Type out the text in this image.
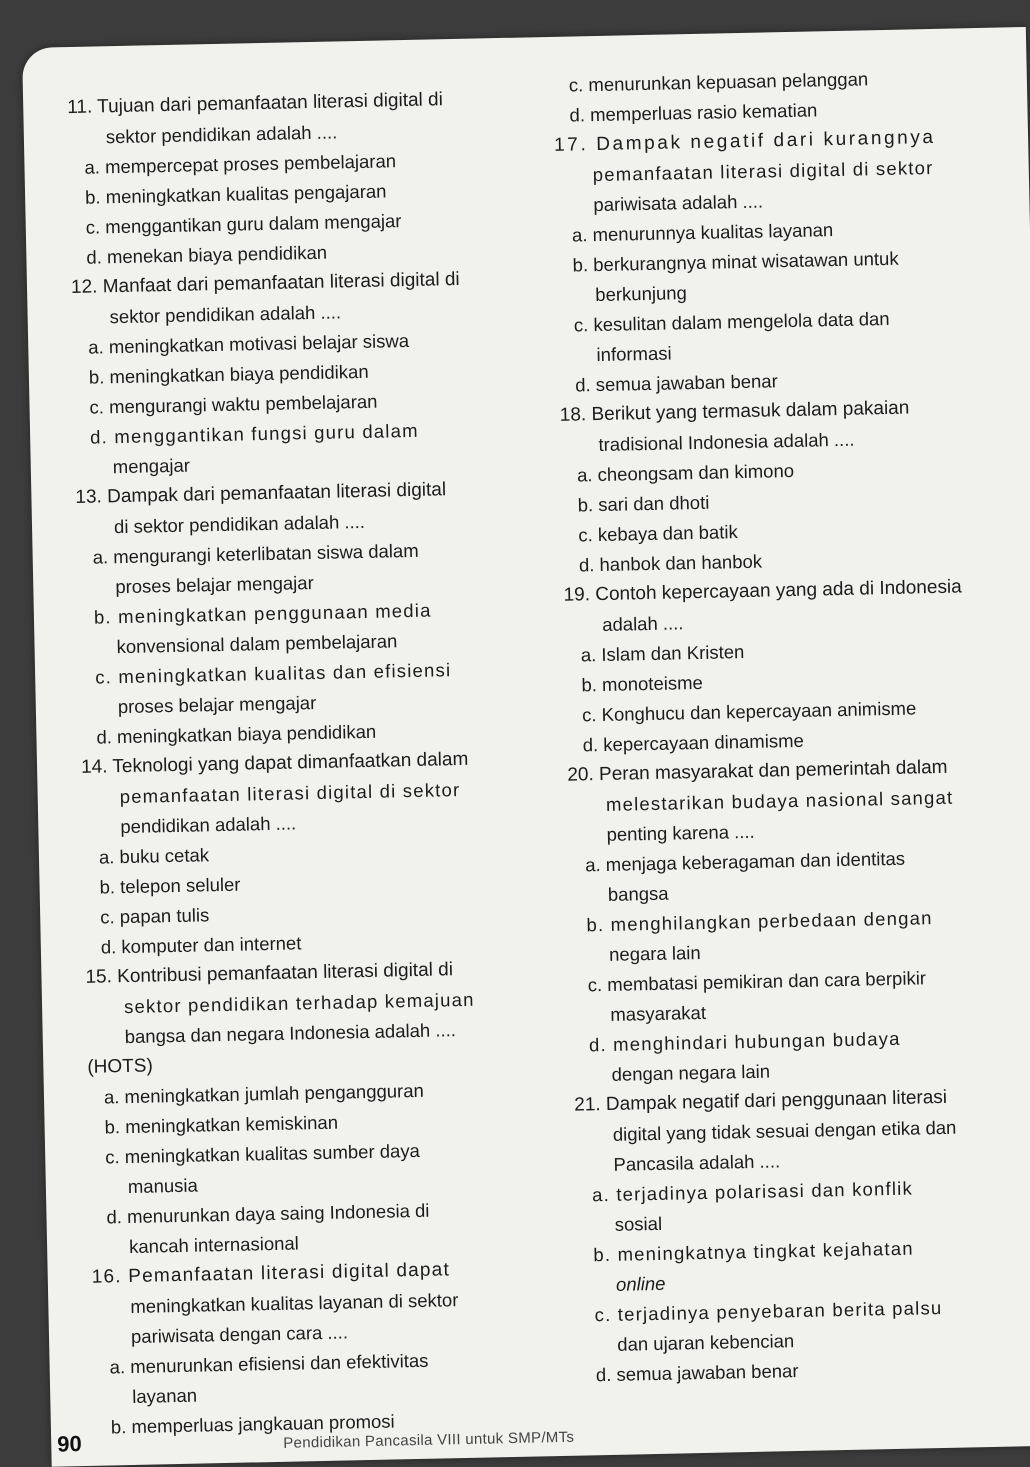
11. Tujuan dari pemanfaatan literasi digital di
sektor pendidikan adalah ....
a. mempercepat proses pembelajaran
b. meningkatkan kualitas pengajaran
c. menggantikan guru dalam mengajar
d. menekan biaya pendidikan
12. Manfaat dari pemanfaatan literasi digital di
sektor pendidikan adalah ....
a. meningkatkan motivasi belajar siswa
b. meningkatkan biaya pendidikan
c. mengurangi waktu pembelajaran
d. menggantikan fungsi guru dalam
mengajar
13. Dampak dari pemanfaatan literasi digital
di sektor pendidikan adalah ....
a. mengurangi keterlibatan siswa dalam
proses belajar mengajar
b. meningkatkan penggunaan media
konvensional dalam pembelajaran
c. meningkatkan kualitas dan efisiensi
proses belajar mengajar
d. meningkatkan biaya pendidikan
14. Teknologi yang dapat dimanfaatkan dalam
pemanfaatan literasi digital di sektor
pendidikan adalah ....
a. buku cetak
b. telepon seluler
c. papan tulis
d. komputer dan internet
15. Kontribusi pemanfaatan literasi digital di
sektor pendidikan terhadap kemajuan
bangsa dan negara Indonesia adalah ....
(HOTS)
a. meningkatkan jumlah pengangguran
b. meningkatkan kemiskinan
c. meningkatkan kualitas sumber daya
manusia
d. menurunkan daya saing Indonesia di
kancah internasional
16. Pemanfaatan literasi digital dapat
meningkatkan kualitas layanan di sektor
pariwisata dengan cara ....
a. menurunkan efisiensi dan efektivitas
layanan
b. memperluas jangkauan promosi
c. menurunkan kepuasan pelanggan
d. memperluas rasio kematian
17. Dampak negatif dari kurangnya
pemanfaatan literasi digital di sektor
pariwisata adalah ....
a. menurunnya kualitas layanan
b. berkurangnya minat wisatawan untuk
berkunjung
c. kesulitan dalam mengelola data dan
informasi
d. semua jawaban benar
18. Berikut yang termasuk dalam pakaian
tradisional Indonesia adalah ....
a. cheongsam dan kimono
b. sari dan dhoti
c. kebaya dan batik
d. hanbok dan hanbok
19. Contoh kepercayaan yang ada di Indonesia
adalah ....
a. Islam dan Kristen
b. monoteisme
c. Konghucu dan kepercayaan animisme
d. kepercayaan dinamisme
20. Peran masyarakat dan pemerintah dalam
melestarikan budaya nasional sangat
penting karena ....
a. menjaga keberagaman dan identitas
bangsa
b. menghilangkan perbedaan dengan
negara lain
c. membatasi pemikiran dan cara berpikir
masyarakat
d. menghindari hubungan budaya
dengan negara lain
21. Dampak negatif dari penggunaan literasi
digital yang tidak sesuai dengan etika dan
Pancasila adalah ....
a. terjadinya polarisasi dan konflik
sosial
b. meningkatnya tingkat kejahatan
online
c. terjadinya penyebaran berita palsu
dan ujaran kebencian
d. semua jawaban benar
90	Pendidikan Pancasila VIII untuk SMP/MTs
